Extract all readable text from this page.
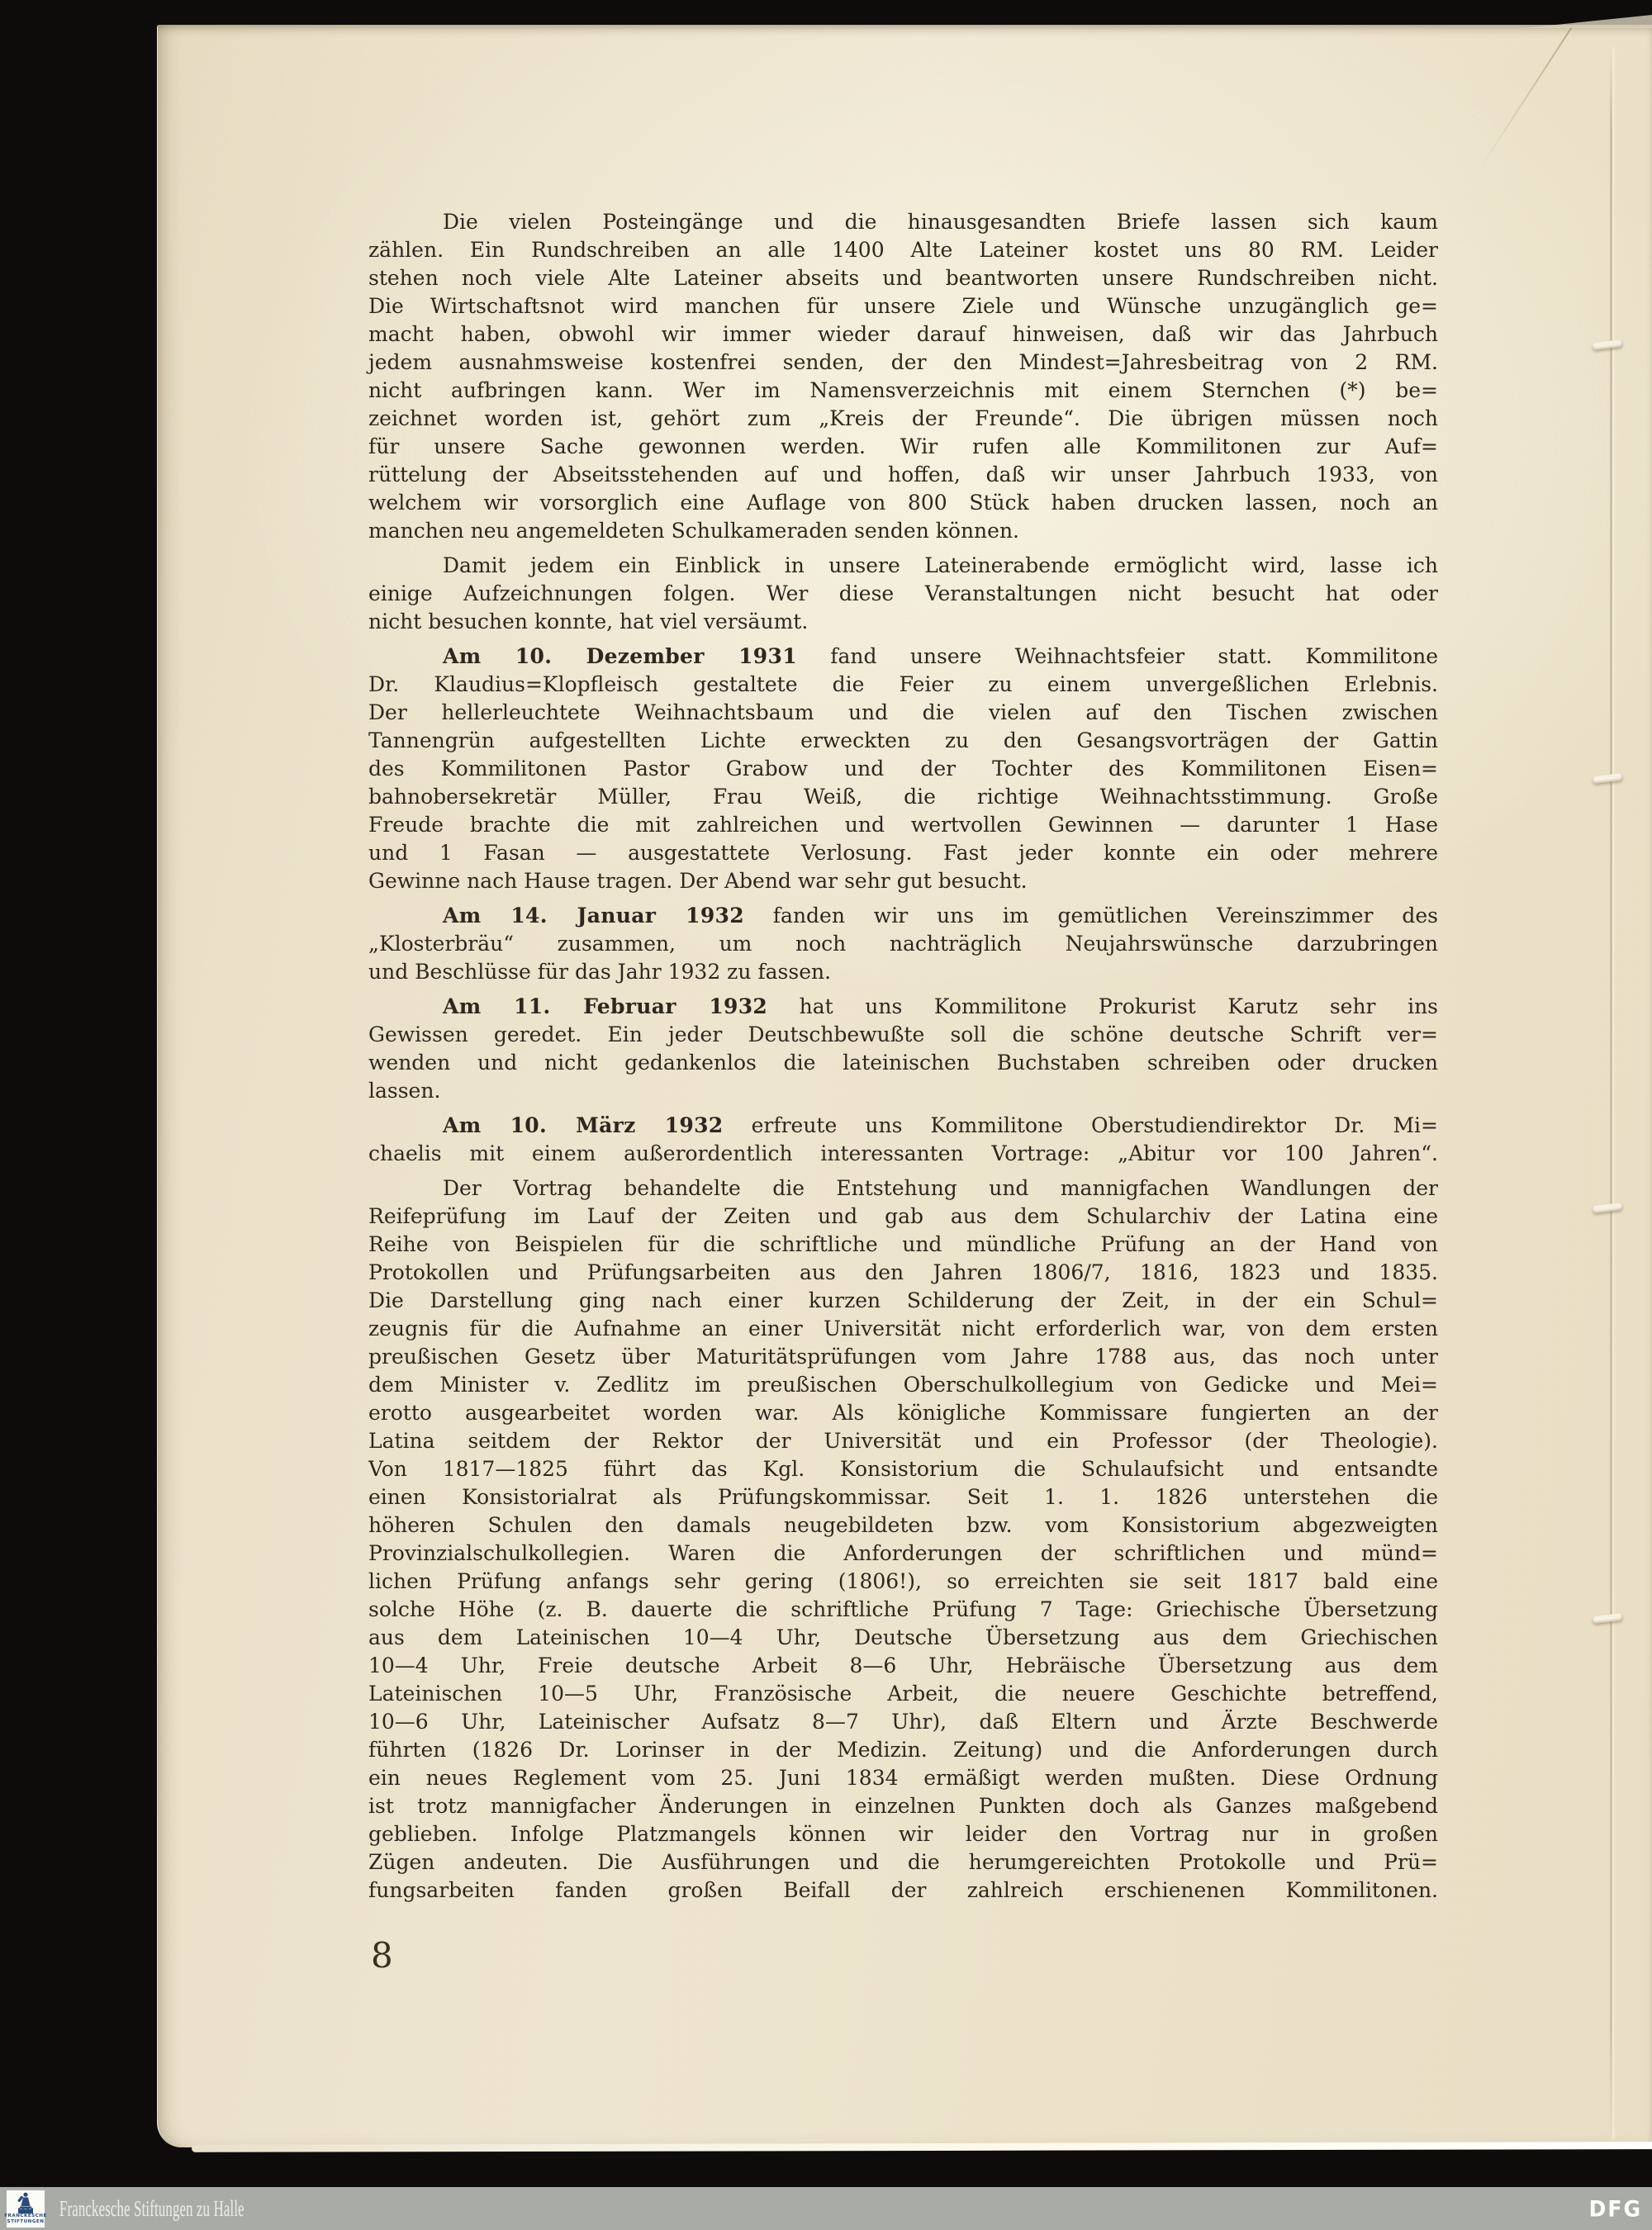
Die vielen Posteingänge und die hinausgesandten Briefe lassen sich kaum
zählen. Ein Rundschreiben an alle 1400 Alte Lateiner kostet uns 80 RM. Leider
stehen noch viele Alte Lateiner abseits und beantworten unsere Rundschreiben nicht.
Die Wirtschaftsnot wird manchen für unsere Ziele und Wünsche unzugänglich ge=
macht haben, obwohl wir immer wieder darauf hinweisen, daß wir das Jahrbuch
jedem ausnahmsweise kostenfrei senden, der den Mindest=Jahresbeitrag von 2 RM.
nicht aufbringen kann. Wer im Namensverzeichnis mit einem Sternchen (*) be=
zeichnet worden ist, gehört zum „Kreis der Freunde“. Die übrigen müssen noch
für unsere Sache gewonnen werden. Wir rufen alle Kommilitonen zur Auf=
rüttelung der Abseitsstehenden auf und hoffen, daß wir unser Jahrbuch 1933, von
welchem wir vorsorglich eine Auflage von 800 Stück haben drucken lassen, noch an
manchen neu angemeldeten Schulkameraden senden können.
Damit jedem ein Einblick in unsere Lateinerabende ermöglicht wird, lasse ich
einige Aufzeichnungen folgen. Wer diese Veranstaltungen nicht besucht hat oder
nicht besuchen konnte, hat viel versäumt.
Am 10. Dezember 1931 fand unsere Weihnachtsfeier statt. Kommilitone
Dr. Klaudius=Klopfleisch gestaltete die Feier zu einem unvergeßlichen Erlebnis.
Der hellerleuchtete Weihnachtsbaum und die vielen auf den Tischen zwischen
Tannengrün aufgestellten Lichte erweckten zu den Gesangsvorträgen der Gattin
des Kommilitonen Pastor Grabow und der Tochter des Kommilitonen Eisen=
bahnobersekretär Müller, Frau Weiß, die richtige Weihnachtsstimmung. Große
Freude brachte die mit zahlreichen und wertvollen Gewinnen — darunter 1 Hase
und 1 Fasan — ausgestattete Verlosung. Fast jeder konnte ein oder mehrere
Gewinne nach Hause tragen. Der Abend war sehr gut besucht.
Am 14. Januar 1932 fanden wir uns im gemütlichen Vereinszimmer des
„Klosterbräu“ zusammen, um noch nachträglich Neujahrswünsche darzubringen
und Beschlüsse für das Jahr 1932 zu fassen.
Am 11. Februar 1932 hat uns Kommilitone Prokurist Karutz sehr ins
Gewissen geredet. Ein jeder Deutschbewußte soll die schöne deutsche Schrift ver=
wenden und nicht gedankenlos die lateinischen Buchstaben schreiben oder drucken
lassen.
Am 10. März 1932 erfreute uns Kommilitone Oberstudiendirektor Dr. Mi=
chaelis mit einem außerordentlich interessanten Vortrage: „Abitur vor 100 Jahren“.
Der Vortrag behandelte die Entstehung und mannigfachen Wandlungen der
Reifeprüfung im Lauf der Zeiten und gab aus dem Schularchiv der Latina eine
Reihe von Beispielen für die schriftliche und mündliche Prüfung an der Hand von
Protokollen und Prüfungsarbeiten aus den Jahren 1806/7, 1816, 1823 und 1835.
Die Darstellung ging nach einer kurzen Schilderung der Zeit, in der ein Schul=
zeugnis für die Aufnahme an einer Universität nicht erforderlich war, von dem ersten
preußischen Gesetz über Maturitätsprüfungen vom Jahre 1788 aus, das noch unter
dem Minister v. Zedlitz im preußischen Oberschulkollegium von Gedicke und Mei=
erotto ausgearbeitet worden war. Als königliche Kommissare fungierten an der
Latina seitdem der Rektor der Universität und ein Professor (der Theologie).
Von 1817—1825 führt das Kgl. Konsistorium die Schulaufsicht und entsandte
einen Konsistorialrat als Prüfungskommissar. Seit 1. 1. 1826 unterstehen die
höheren Schulen den damals neugebildeten bzw. vom Konsistorium abgezweigten
Provinzialschulkollegien. Waren die Anforderungen der schriftlichen und münd=
lichen Prüfung anfangs sehr gering (1806!), so erreichten sie seit 1817 bald eine
solche Höhe (z. B. dauerte die schriftliche Prüfung 7 Tage: Griechische Übersetzung
aus dem Lateinischen 10—4 Uhr, Deutsche Übersetzung aus dem Griechischen
10—4 Uhr, Freie deutsche Arbeit 8—6 Uhr, Hebräische Übersetzung aus dem
Lateinischen 10—5 Uhr, Französische Arbeit, die neuere Geschichte betreffend,
10—6 Uhr, Lateinischer Aufsatz 8—7 Uhr), daß Eltern und Ärzte Beschwerde
führten (1826 Dr. Lorinser in der Medizin. Zeitung) und die Anforderungen durch
ein neues Reglement vom 25. Juni 1834 ermäßigt werden mußten. Diese Ordnung
ist trotz mannigfacher Änderungen in einzelnen Punkten doch als Ganzes maßgebend
geblieben. Infolge Platzmangels können wir leider den Vortrag nur in großen
Zügen andeuten. Die Ausführungen und die herumgereichten Protokolle und Prü=
fungsarbeiten fanden großen Beifall der zahlreich erschienenen Kommilitonen.
8
FRANCKESCHE
STIFTUNGEN
Franckesche Stiftungen zu Halle	DFG
